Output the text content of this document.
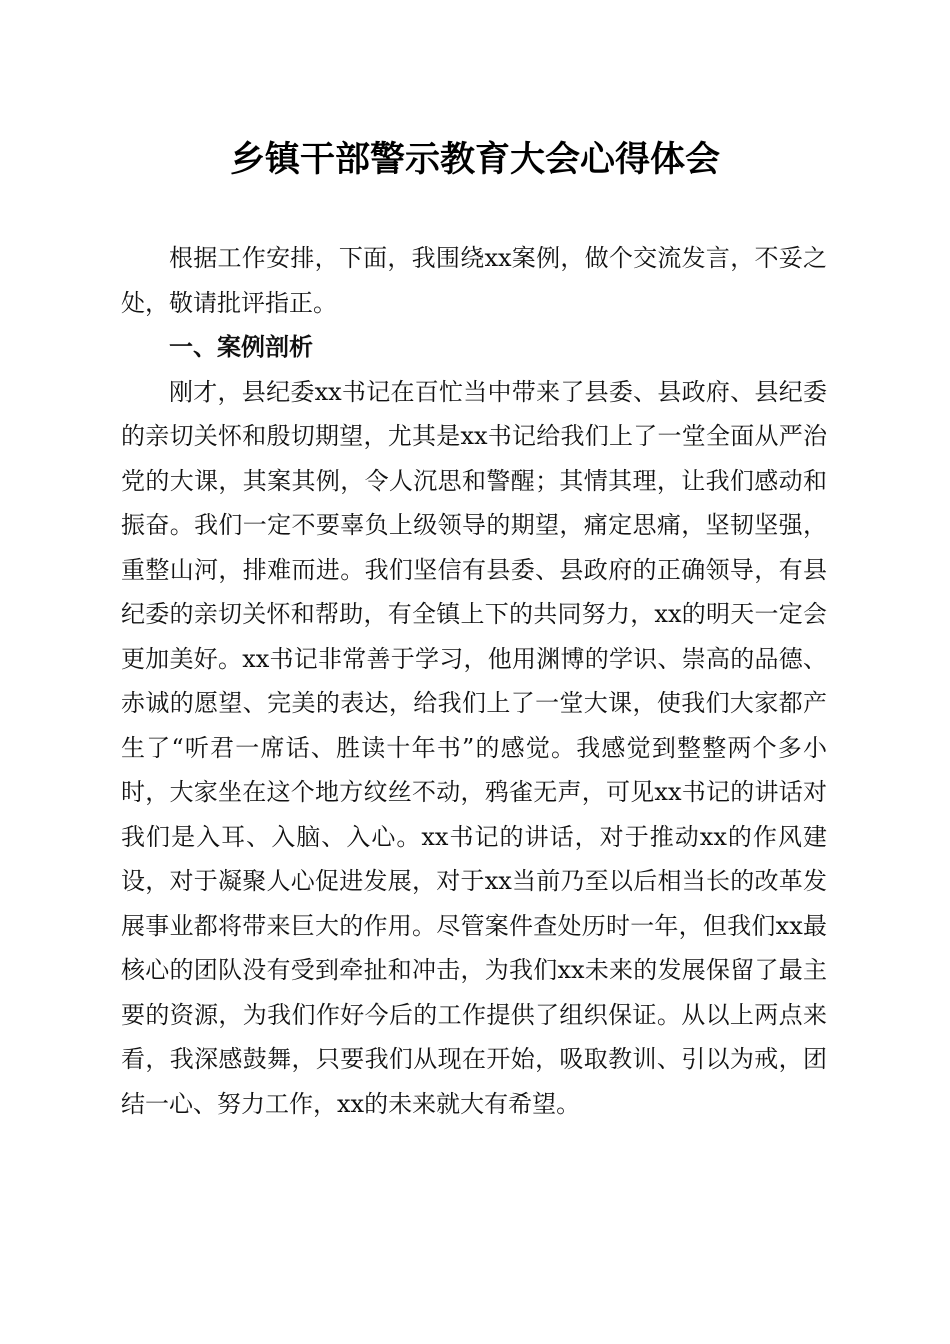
乡镇干部警示教育大会心得体会

根据工作安排，下面，我围绕xx案例，做个交流发言，不妥之处，敬请批评指正。

一、案例剖析

刚才，县纪委xx书记在百忙当中带来了县委、县政府、县纪委的亲切关怀和殷切期望，尤其是xx书记给我们上了一堂全面从严治党的大课，其案其例，令人沉思和警醒；其情其理，让我们感动和振奋。我们一定不要辜负上级领导的期望，痛定思痛，坚韧坚强，重整山河，排难而进。我们坚信有县委、县政府的正确领导，有县纪委的亲切关怀和帮助，有全镇上下的共同努力，xx的明天一定会更加美好。xx书记非常善于学习，他用渊博的学识、崇高的品德、赤诚的愿望、完美的表达，给我们上了一堂大课，使我们大家都产生了“听君一席话、胜读十年书”的感觉。我感觉到整整两个多小时，大家坐在这个地方纹丝不动，鸦雀无声，可见xx书记的讲话对我们是入耳、入脑、入心。xx书记的讲话，对于推动xx的作风建设，对于凝聚人心促进发展，对于xx当前乃至以后相当长的改革发展事业都将带来巨大的作用。尽管案件查处历时一年，但我们xx最核心的团队没有受到牵扯和冲击，为我们xx未来的发展保留了最主要的资源，为我们作好今后的工作提供了组织保证。从以上两点来看，我深感鼓舞，只要我们从现在开始，吸取教训、引以为戒，团结一心、努力工作，xx的未来就大有希望。
